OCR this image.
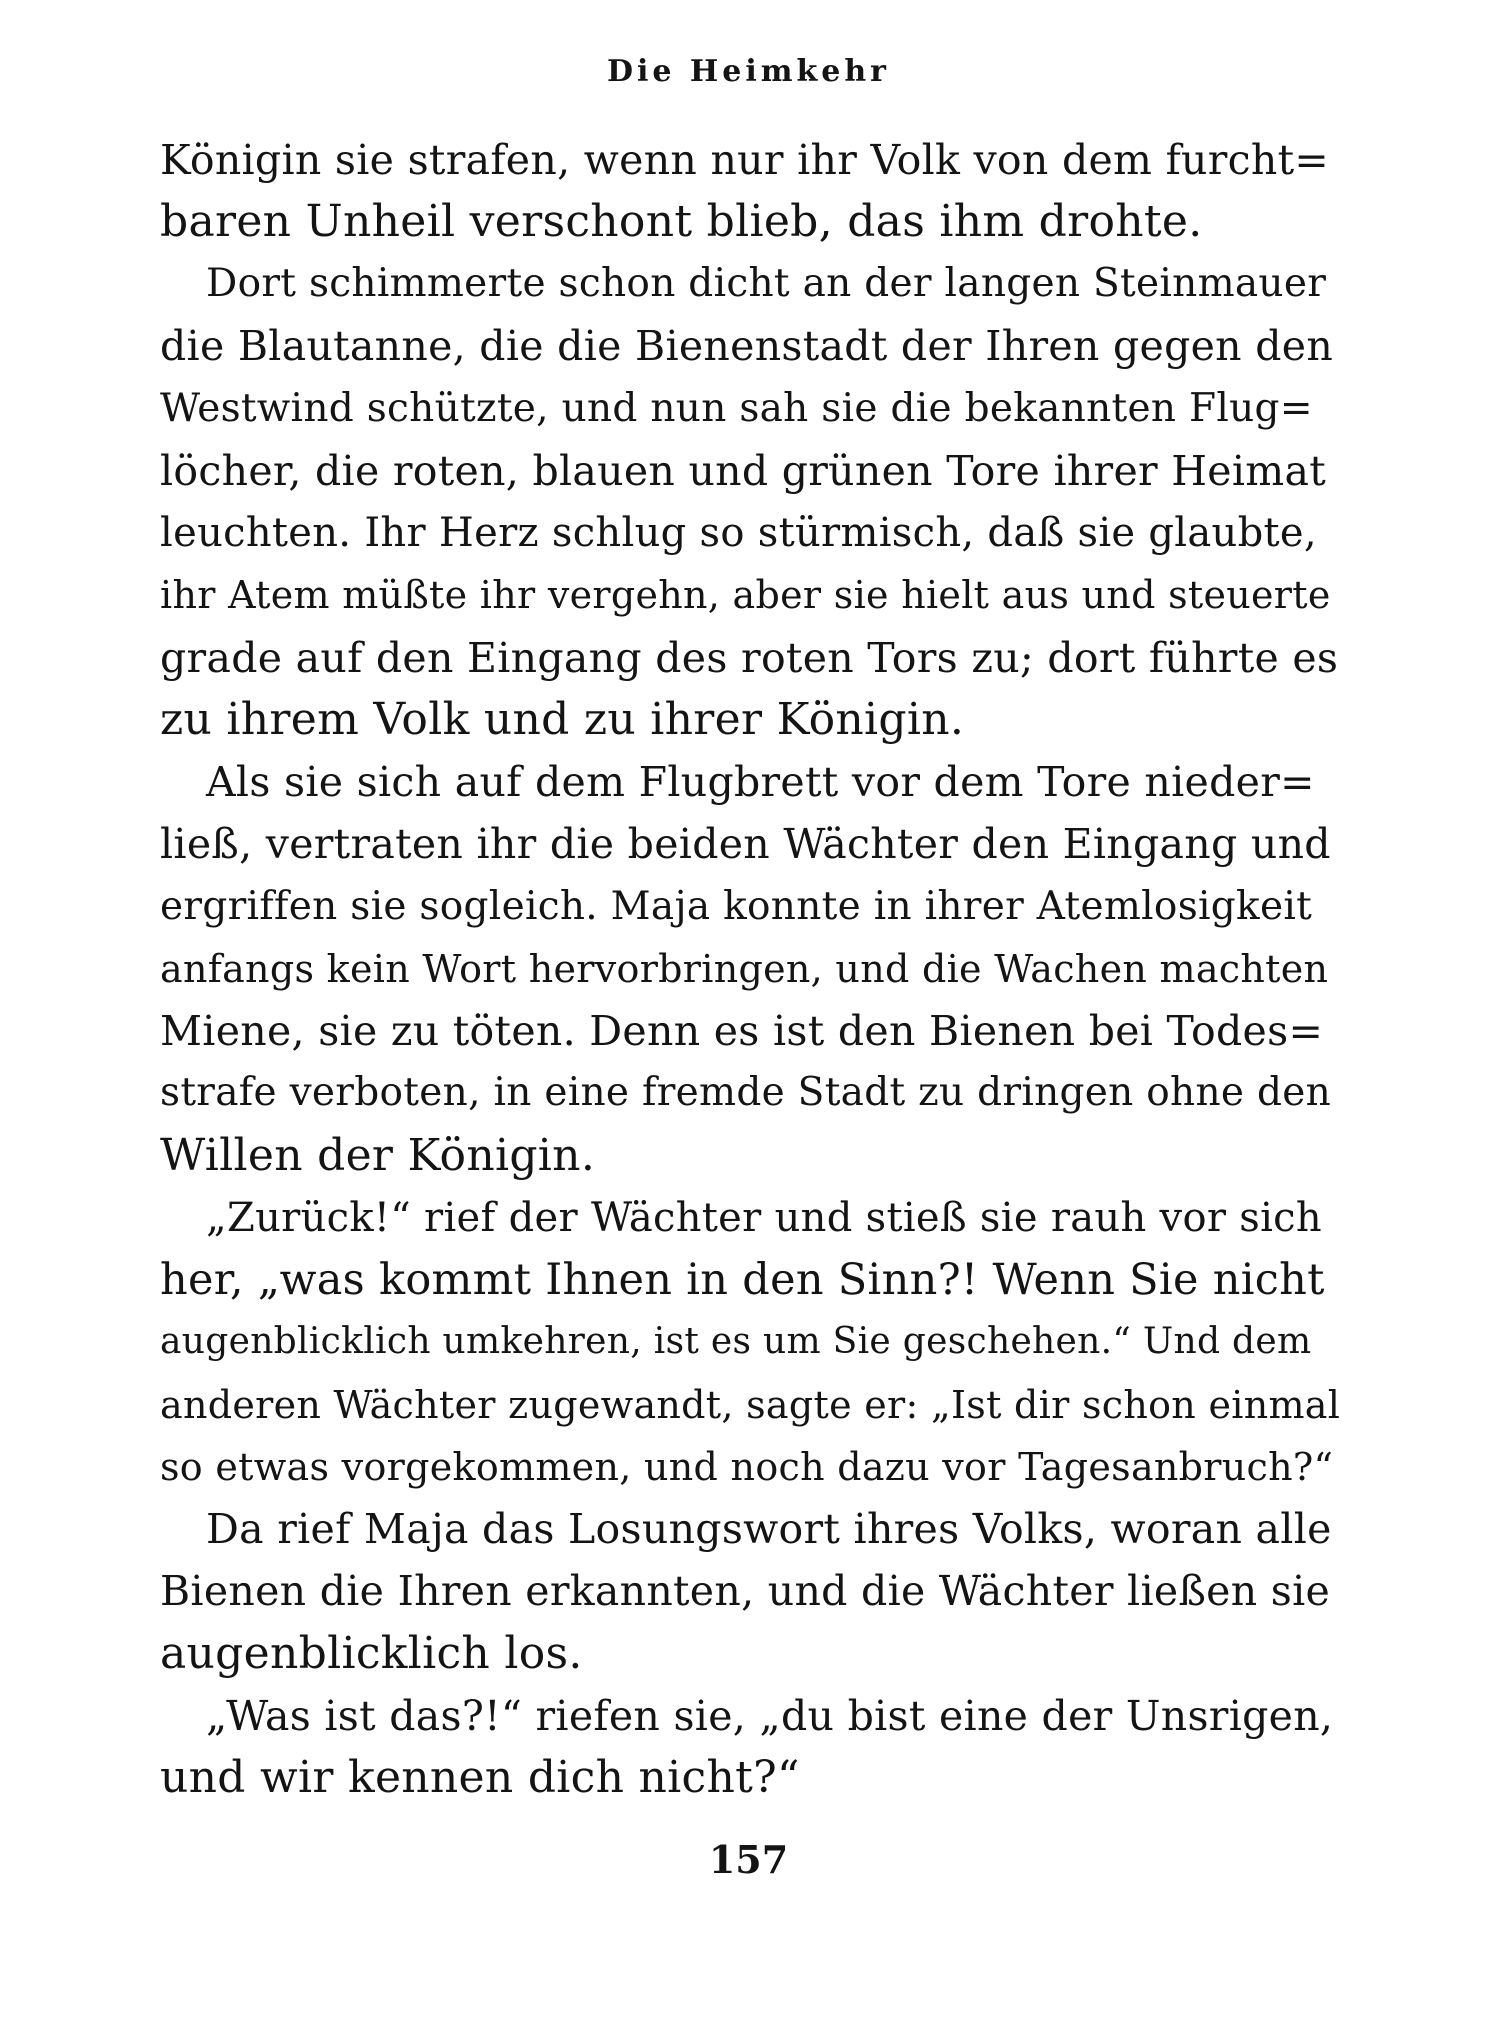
Die Heimkehr
Königin sie strafen, wenn nur ihr Volk von dem furcht=
baren Unheil verschont blieb, das ihm drohte.
Dort schimmerte schon dicht an der langen Steinmauer
die Blautanne, die die Bienenstadt der Ihren gegen den
Westwind schützte, und nun sah sie die bekannten Flug=
löcher, die roten, blauen und grünen Tore ihrer Heimat
leuchten. Ihr Herz schlug so stürmisch, daß sie glaubte,
ihr Atem müßte ihr vergehn, aber sie hielt aus und steuerte
grade auf den Eingang des roten Tors zu; dort führte es
zu ihrem Volk und zu ihrer Königin.
Als sie sich auf dem Flugbrett vor dem Tore nieder=
ließ, vertraten ihr die beiden Wächter den Eingang und
ergriffen sie sogleich. Maja konnte in ihrer Atemlosigkeit
anfangs kein Wort hervorbringen, und die Wachen machten
Miene, sie zu töten. Denn es ist den Bienen bei Todes=
strafe verboten, in eine fremde Stadt zu dringen ohne den
Willen der Königin.
„Zurück!“ rief der Wächter und stieß sie rauh vor sich
her, „was kommt Ihnen in den Sinn?! Wenn Sie nicht
augenblicklich umkehren, ist es um Sie geschehen.“ Und dem
anderen Wächter zugewandt, sagte er: „Ist dir schon einmal
so etwas vorgekommen, und noch dazu vor Tagesanbruch?“
Da rief Maja das Losungswort ihres Volks, woran alle
Bienen die Ihren erkannten, und die Wächter ließen sie
augenblicklich los.
„Was ist das?!“ riefen sie, „du bist eine der Unsrigen,
und wir kennen dich nicht?“
157
